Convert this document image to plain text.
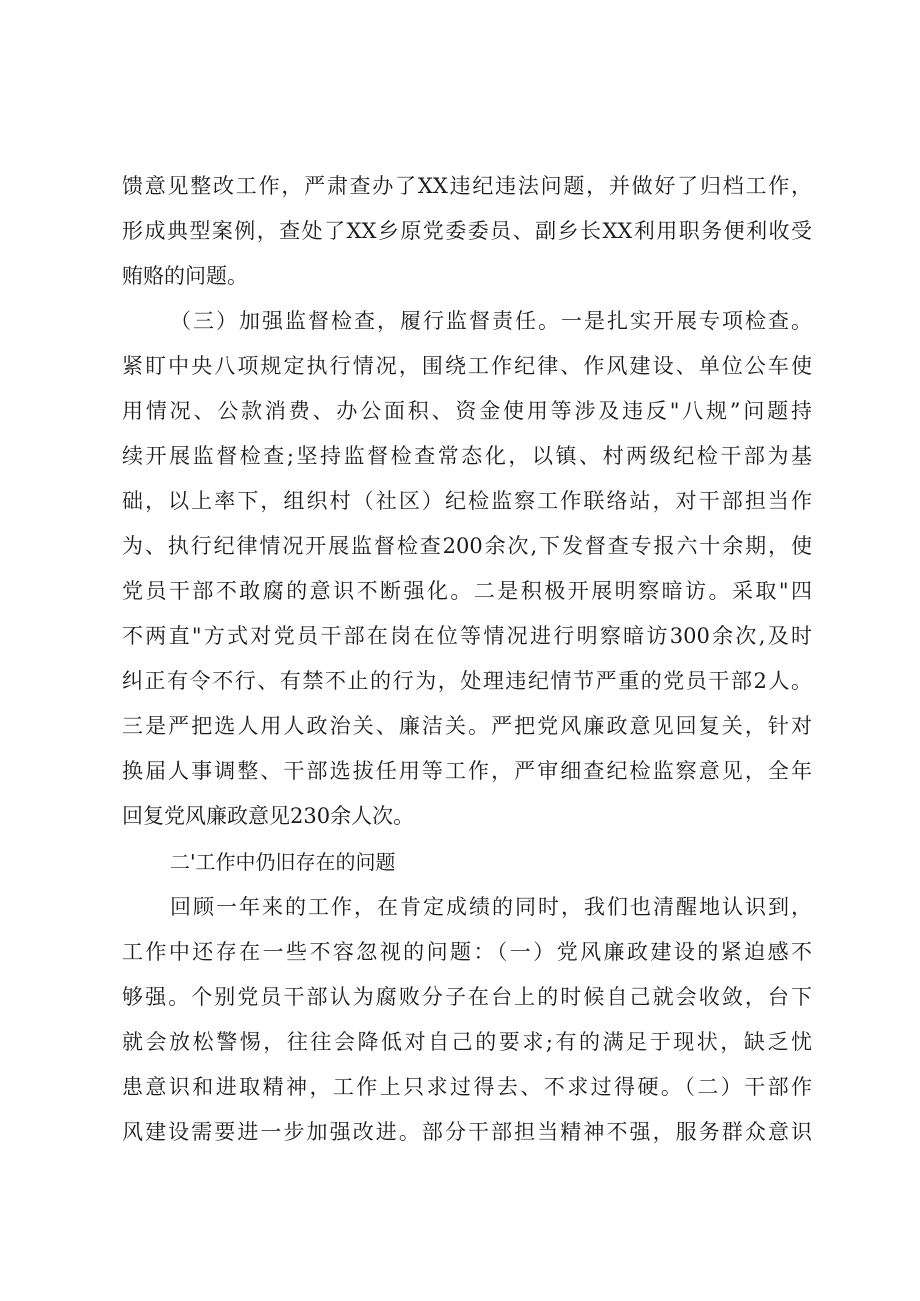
馈意见整改工作，严肃查办了XX违纪违法问题，并做好了归档工作，
形成典型案例，查处了XX乡原党委委员、副乡长XX利用职务便利收受
贿赂的问题。
（三）加强监督检查，履行监督责任。一是扎实开展专项检查。
紧盯中央八项规定执行情况，围绕工作纪律、作风建设、单位公车使
用情况、公款消费、办公面积、资金使用等涉及违反"八规”问题持
续开展监督检查;坚持监督检查常态化，以镇、村两级纪检干部为基
础，以上率下，组织村（社区）纪检监察工作联络站，对干部担当作
为、执行纪律情况开展监督检查200余次,下发督查专报六十余期，使
党员干部不敢腐的意识不断强化。二是积极开展明察暗访。采取"四
不两直"方式对党员干部在岗在位等情况进行明察暗访300余次,及时
纠正有令不行、有禁不止的行为，处理违纪情节严重的党员干部2人。
三是严把选人用人政治关、廉洁关。严把党风廉政意见回复关，针对
换届人事调整、干部选拔任用等工作，严审细查纪检监察意见，全年
回复党风廉政意见230余人次。
二'工作中仍旧存在的问题
回顾一年来的工作，在肯定成绩的同时，我们也清醒地认识到，
工作中还存在一些不容忽视的问题：（一）党风廉政建设的紧迫感不
够强。个别党员干部认为腐败分子在台上的时候自己就会收敛，台下
就会放松警惕，往往会降低对自己的要求;有的满足于现状，缺乏忧
患意识和进取精神，工作上只求过得去、不求过得硬。（二）干部作
风建设需要进一步加强改进。部分干部担当精神不强，服务群众意识
